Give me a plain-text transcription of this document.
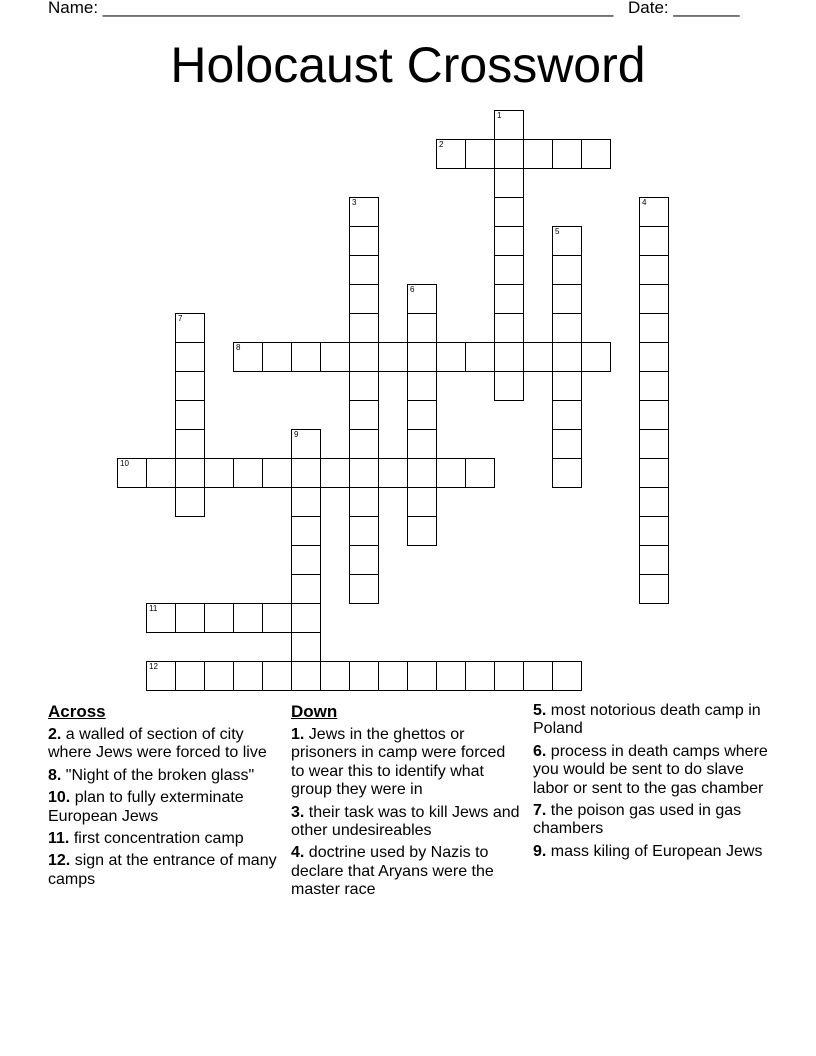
Name: ______________________________________________________ Date: _______
Holocaust Crossword
1
2
3	4
5
6
7
8
9
10
11
12
Across
2. a walled of section of city where Jews were forced to live
8. "Night of the broken glass"
10. plan to fully exterminate European Jews
11. first concentration camp
12. sign at the entrance of many camps
Down
1. Jews in the ghettos or prisoners in camp were forced to wear this to identify what group they were in
3. their task was to kill Jews and other undesireables
4. doctrine used by Nazis to declare that Aryans were the master race
5. most notorious death camp in Poland
6. process in death camps where you would be sent to do slave labor or sent to the gas chamber
7. the poison gas used in gas chambers
9. mass kiling of European Jews
